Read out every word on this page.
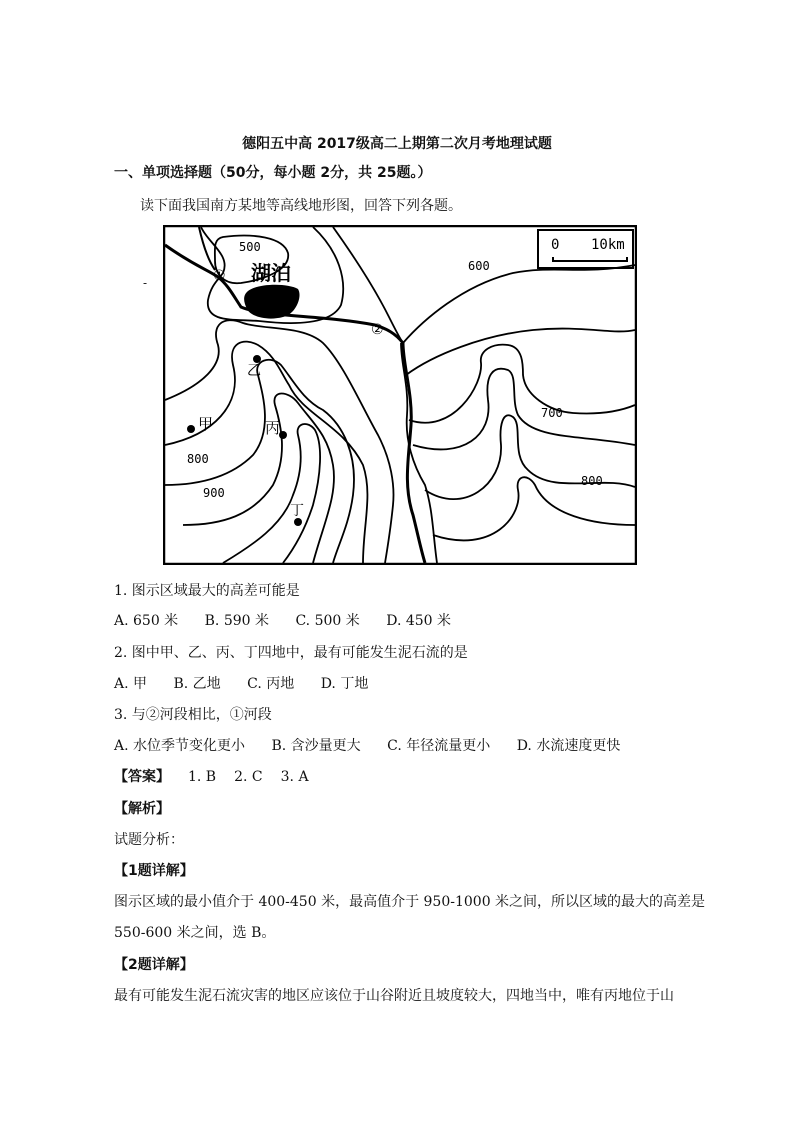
德阳五中高 2017级高二上期第二次月考地理试题
一、单项选择题（50分，每小题 2分，共 25题。）
读下面我国南方某地等高线地形图，回答下列各题。
-
0 10km
湖泊
①
②
500
600
700
800
800
900
乙
甲	丙
丁
1. 图示区域最大的高差可能是
A. 650 米 B. 590 米 C. 500 米 D. 450 米
2. 图中甲、乙、丙、丁四地中，最有可能发生泥石流的是
A. 甲 B. 乙地 C. 丙地 D. 丁地
3. 与②河段相比，①河段
A. 水位季节变化更小 B. 含沙量更大 C. 年径流量更小 D. 水流速度更快
【答案】 1. B 2. C 3. A
【解析】
试题分析：
【1题详解】
图示区域的最小值介于 400-450 米，最高值介于 950-1000 米之间，所以区域的最大的高差是
550-600 米之间，选 B。
【2题详解】
最有可能发生泥石流灾害的地区应该位于山谷附近且坡度较大，四地当中，唯有丙地位于山
